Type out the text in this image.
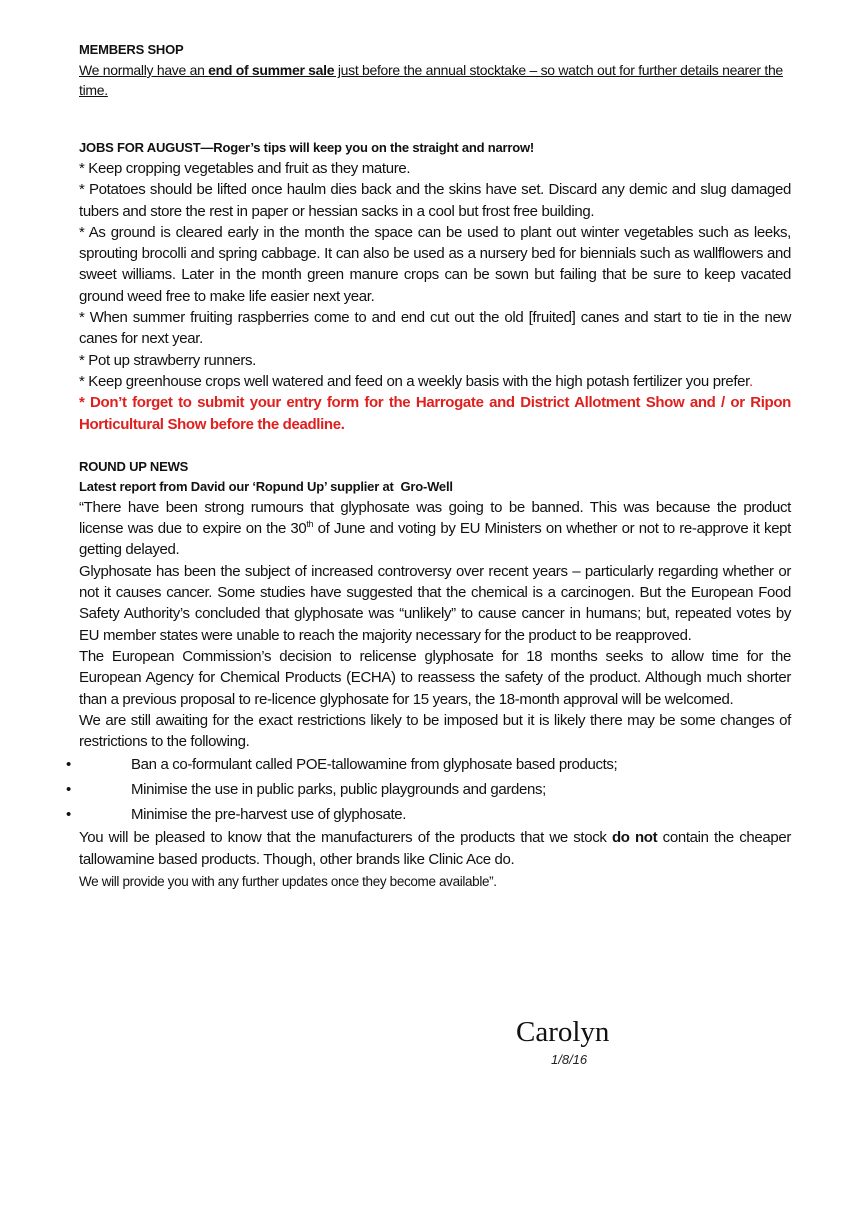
MEMBERS SHOP
We normally have an end of summer sale just before the annual stocktake – so watch out for further details nearer the time.
JOBS FOR AUGUST—Roger’s tips will keep you on the straight and narrow!

* Keep cropping vegetables and fruit as they mature.

* Potatoes should be lifted once haulm dies back and the skins have set. Discard any demic and slug damaged tubers and store the rest in paper or hessian sacks in a cool but frost free building.

* As ground is cleared early in the month the space can be used to plant out winter vegetables such as leeks, sprouting brocolli and spring cabbage. It can also be used as a nursery bed for biennials such as wallflowers and sweet williams. Later in the month green manure crops can be sown but failing that be sure to keep vacated ground weed free to make life easier next year.

* When summer fruiting raspberries come to and end cut out the old [fruited] canes and start to tie in the new canes for next year.

* Pot up strawberry runners.

* Keep greenhouse crops well watered and feed on a weekly basis with the high potash fertilizer you prefer.

* Don’t forget to submit your entry form for the Harrogate and District Allotment Show and / or Ripon Horticultural Show before the deadline.

ROUND UP NEWS
Latest report from David our ‘Ropund Up’ supplier at  Gro-Well

“There have been strong rumours that glyphosate was going to be banned. This was because the product license was due to expire on the 30th of June and voting by EU Ministers on whether or not to re-approve it kept getting delayed.

Glyphosate has been the subject of increased controversy over recent years – particularly regarding whether or not it causes cancer. Some studies have suggested that the chemical is a carcinogen. But the European Food Safety Authority’s concluded that glyphosate was “unlikely” to cause cancer in humans; but, repeated votes by EU member states were unable to reach the majority necessary for the product to be reapproved.

The European Commission’s decision to relicense glyphosate for 18 months seeks to allow time for the European Agency for Chemical Products (ECHA) to reassess the safety of the product. Although much shorter than a previous proposal to re-licence glyphosate for 15 years, the 18-month approval will be welcomed.

We are still awaiting for the exact restrictions likely to be imposed but it is likely there may be some changes of restrictions to the following.

•	Ban a co-formulant called POE-tallowamine from glyphosate based products;
•	Minimise the use in public parks, public playgrounds and gardens;
•	Minimise the pre-harvest use of glyphosate.

You will be pleased to know that the manufacturers of the products that we stock do not contain the cheaper tallowamine based products. Though, other brands like Clinic Ace do.

We will provide you with any further updates once they become available”.
Carolyn
1/8/16
